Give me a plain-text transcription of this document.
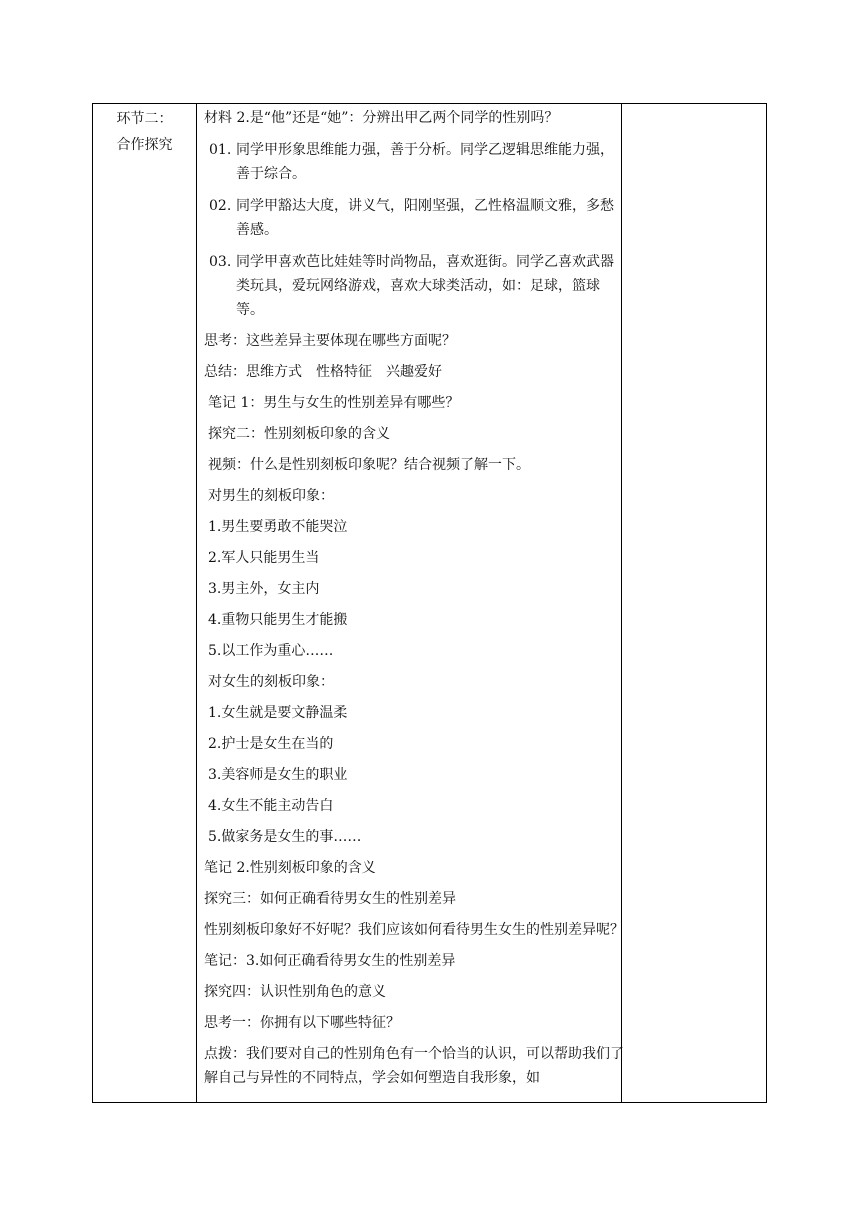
环节二：
合作探究

材料 2.是“他”还是“她”：分辨出甲乙两个同学的性别吗？

01. 同学甲形象思维能力强，善于分析。同学乙逻辑思维能力强，善于综合。
02. 同学甲豁达大度，讲义气，阳刚坚强，乙性格温顺文雅，多愁善感。
03. 同学甲喜欢芭比娃娃等时尚物品，喜欢逛街。同学乙喜欢武器类玩具，爱玩网络游戏，喜欢大球类活动，如：足球，篮球等。

思考：这些差异主要体现在哪些方面呢？

总结：思维方式　性格特征　兴趣爱好

笔记 1：男生与女生的性别差异有哪些？

探究二：性别刻板印象的含义

视频：什么是性别刻板印象呢？结合视频了解一下。

对男生的刻板印象：

1.男生要勇敢不能哭泣

2.军人只能男生当

3.男主外，女主内

4.重物只能男生才能搬

5.以工作为重心……

对女生的刻板印象：

1.女生就是要文静温柔

2.护士是女生在当的

3.美容师是女生的职业

4.女生不能主动告白

5.做家务是女生的事……

笔记 2.性别刻板印象的含义

探究三：如何正确看待男女生的性别差异

性别刻板印象好不好呢？我们应该如何看待男生女生的性别差异呢？

笔记：3.如何正确看待男女生的性别差异

探究四：认识性别角色的意义

思考一：你拥有以下哪些特征？

点拨：我们要对自己的性别角色有一个恰当的认识，可以帮助我们了解自己与异性的不同特点，学会如何塑造自我形象，如
